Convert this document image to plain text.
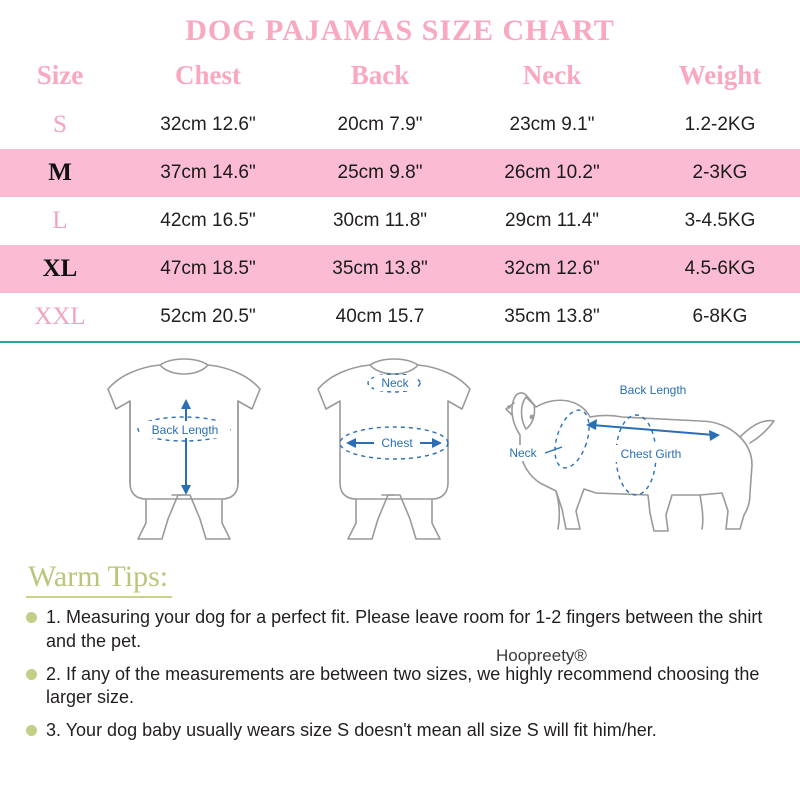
DOG PAJAMAS SIZE CHART
Size	Chest	Back	Neck	Weight
S	32cm 12.6"	20cm 7.9"	23cm 9.1"	1.2-2KG
M	37cm 14.6"	25cm 9.8"	26cm 10.2"	2-3KG
L	42cm 16.5"	30cm 11.8"	29cm 11.4"	3-4.5KG
XL	47cm 18.5"	35cm 13.8"	32cm 12.6"	4.5-6KG
XXL	52cm 20.5"	40cm 15.7	35cm 13.8"	6-8KG
Back Length
Neck
Chest
Back Length
Neck	Chest Girth
Warm Tips:
1. Measuring your dog for a perfect fit. Please leave room for 1-2 fingers between the shirt and the pet.
2. If any of the measurements are between two sizes, we highly recommend choosing the larger size.
3. Your dog baby usually wears size S doesn't mean all size S will fit him/her.
Hoopreety®
